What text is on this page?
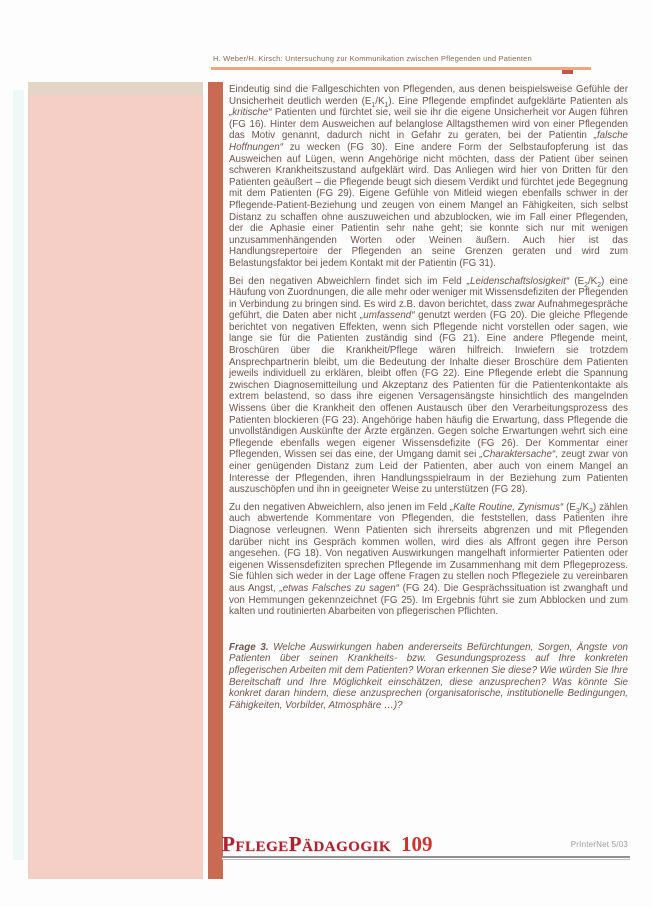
H. Weber/H. Kirsch: Untersuchung zur Kommunikation zwischen Pflegenden und Patienten

Eindeutig sind die Fallgeschichten von Pflegenden, aus denen beispielsweise Gefühle der Unsicherheit deutlich werden $(E_1/K_1)$. Eine Pflegende empfindet aufgeklärte Patienten als „kritische“ Patienten und fürchtet sie, weil sie ihr die eigene Unsicherheit vor Augen führen (FG 16). Hinter dem Ausweichen auf belanglose Alltagsthemen wird von einer Pflegenden das Motiv genannt, dadurch nicht in Gefahr zu geraten, bei der Patientin „falsche Hoffnungen“ zu wecken (FG 30). Eine andere Form der Selbstaufopferung ist das Ausweichen auf Lügen, wenn Angehörige nicht möchten, dass der Patient über seinen schweren Krankheitszustand aufgeklärt wird. Das Anliegen wird hier von Dritten für den Patienten geäußert – die Pflegende beugt sich diesem Verdikt und fürchtet jede Begegnung mit dem Patienten (FG 29). Eigene Gefühle von Mitleid wiegen ebenfalls schwer in der Pflegende-Patient-Beziehung und zeugen von einem Mangel an Fähigkeiten, sich selbst Distanz zu schaffen ohne auszuweichen und abzublocken, wie im Fall einer Pflegenden, der die Aphasie einer Patientin sehr nahe geht; sie konnte sich nur mit wenigen unzusammenhängenden Worten oder Weinen äußern. Auch hier ist das Handlungsrepertoire der Pflegenden an seine Grenzen geraten und wird zum Belastungsfaktor bei jedem Kontakt mit der Patientin (FG 31).

Bei den negativen Abweichlern findet sich im Feld „Leidenschaftslosigkeit“ $(E_2/K_2)$ eine Häufung von Zuordnungen, die alle mehr oder weniger mit Wissensdefiziten der Pflegenden in Verbindung zu bringen sind. Es wird z.B. davon berichtet, dass zwar Aufnahmegespräche geführt, die Daten aber nicht „umfassend“ genutzt werden (FG 20). Die gleiche Pflegende berichtet von negativen Effekten, wenn sich Pflegende nicht vorstellen oder sagen, wie lange sie für die Patienten zuständig sind (FG 21). Eine andere Pflegende meint, Broschüren über die Krankheit/Pflege wären hilfreich. Inwiefern sie trotzdem Ansprechpartnerin bleibt, um die Bedeutung der Inhalte dieser Broschüre dem Patienten jeweils individuell zu erklären, bleibt offen (FG 22). Eine Pflegende erlebt die Spannung zwischen Diagnosemitteilung und Akzeptanz des Patienten für die Patientenkontakte als extrem belastend, so dass ihre eigenen Versagensängste hinsichtlich des mangelnden Wissens über die Krankheit den offenen Austausch über den Verarbeitungsprozess des Patienten blockieren (FG 23). Angehörige haben häufig die Erwartung, dass Pflegende die unvollständigen Auskünfte der Ärzte ergänzen. Gegen solche Erwartungen wehrt sich eine Pflegende ebenfalls wegen eigener Wissensdefizite (FG 26). Der Kommentar einer Pflegenden, Wissen sei das eine, der Umgang damit sei „Charaktersache“, zeugt zwar von einer genügenden Distanz zum Leid der Patienten, aber auch von einem Mangel an Interesse der Pflegenden, ihren Handlungsspielraum in der Beziehung zum Patienten auszuschöpfen und ihn in geeigneter Weise zu unterstützen (FG 28).

Zu den negativen Abweichlern, also jenen im Feld „Kalte Routine, Zynismus“ $(E_3/K_3)$ zählen auch abwertende Kommentare von Pflegenden, die feststellen, dass Patienten ihre Diagnose verleugnen. Wenn Patienten sich ihrerseits abgrenzen und mit Pflegenden darüber nicht ins Gespräch kommen wollen, wird dies als Affront gegen ihre Person angesehen. (FG 18). Von negativen Auswirkungen mangelhaft informierter Patienten oder eigenen Wissensdefiziten sprechen Pflegende im Zusammenhang mit dem Pflegeprozess. Sie fühlen sich weder in der Lage offene Fragen zu stellen noch Pflegeziele zu vereinbaren aus Angst, „etwas Falsches zu sagen“ (FG 24). Die Gesprächssituation ist zwanghaft und von Hemmungen gekennzeichnet (FG 25). Im Ergebnis führt sie zum Abblocken und zum kalten und routinierten Abarbeiten von pflegerischen Pflichten.

Frage 3. Welche Auswirkungen haben andererseits Befürchtungen, Sorgen, Ängste von Patienten über seinen Krankheits- bzw. Gesundungsprozess auf Ihre konkreten pflegerischen Arbeiten mit dem Patienten? Woran erkennen Sie diese? Wie würden Sie Ihre Bereitschaft und Ihre Möglichkeit einschätzen, diese anzusprechen? Was könnte Sie konkret daran hindern, diese anzusprechen (organisatorische, institutionelle Bedingungen, Fähigkeiten, Vorbilder, Atmosphäre …)?

PflegePädagogik 109	PrInterNet 5/03
